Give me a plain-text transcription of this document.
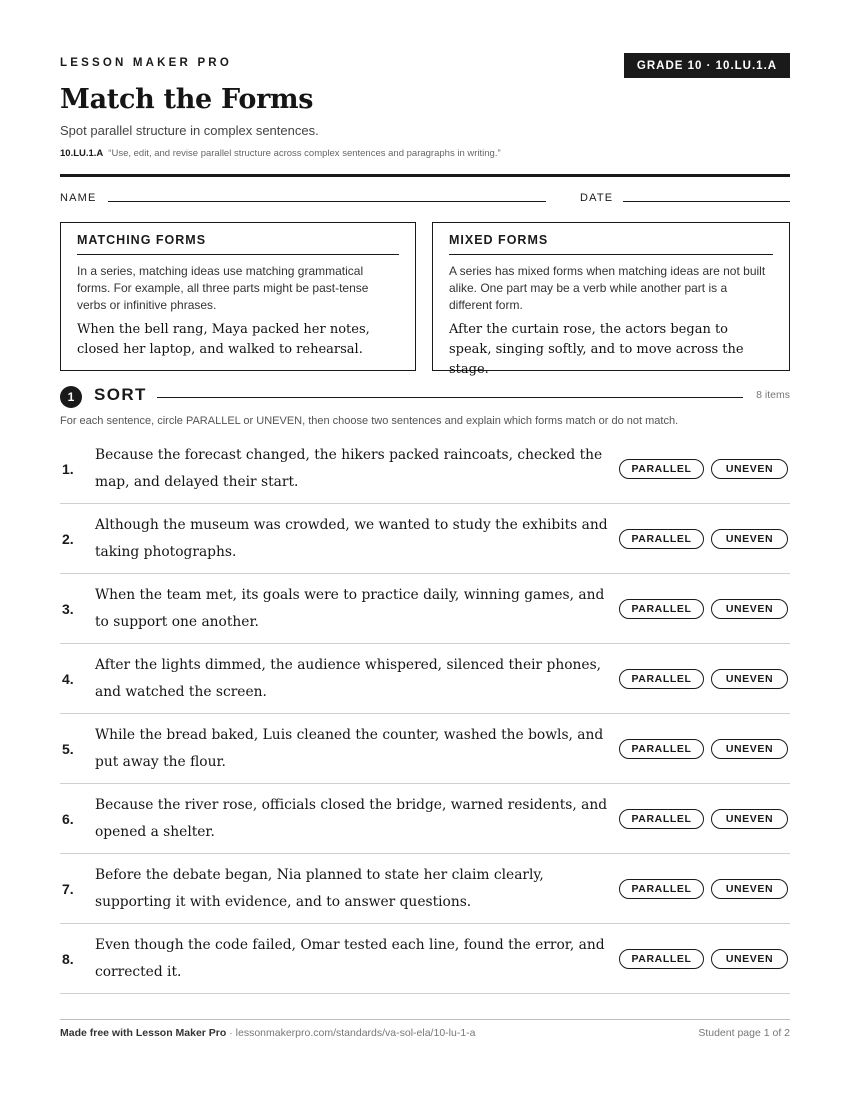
LESSON MAKER PRO	GRADE 10 · 10.LU.1.A
Match the Forms
Spot parallel structure in complex sentences.
10.LU.1.A “Use, edit, and revise parallel structure across complex sentences and paragraphs in writing.”
NAME	DATE
MATCHING FORMS
In a series, matching ideas use matching grammatical forms. For example, all three parts might be past-tense verbs or infinitive phrases.
When the bell rang, Maya packed her notes, closed her laptop, and walked to rehearsal.
MIXED FORMS
A series has mixed forms when matching ideas are not built alike. One part may be a verb while another part is a different form.
After the curtain rose, the actors began to speak, singing softly, and to move across the stage.
1	SORT	8 items
For each sentence, circle PARALLEL or UNEVEN, then choose two sentences and explain which forms match or do not match.
1.
Because the forecast changed, the hikers packed raincoats, checked the map, and delayed their start.
PARALLEL	UNEVEN
2.
Although the museum was crowded, we wanted to study the exhibits and taking photographs.
PARALLEL	UNEVEN
3.
When the team met, its goals were to practice daily, winning games, and to support one another.
PARALLEL	UNEVEN
4.
After the lights dimmed, the audience whispered, silenced their phones, and watched the screen.
PARALLEL	UNEVEN
5.
While the bread baked, Luis cleaned the counter, washed the bowls, and put away the flour.
PARALLEL	UNEVEN
6.
Because the river rose, officials closed the bridge, warned residents, and opened a shelter.
PARALLEL	UNEVEN
7.
Before the debate began, Nia planned to state her claim clearly, supporting it with evidence, and to answer questions.
PARALLEL	UNEVEN
8.
Even though the code failed, Omar tested each line, found the error, and corrected it.
PARALLEL	UNEVEN
Made free with Lesson Maker Pro · lessonmakerpro.com/standards/va-sol-ela/10-lu-1-a	Student page 1 of 2
